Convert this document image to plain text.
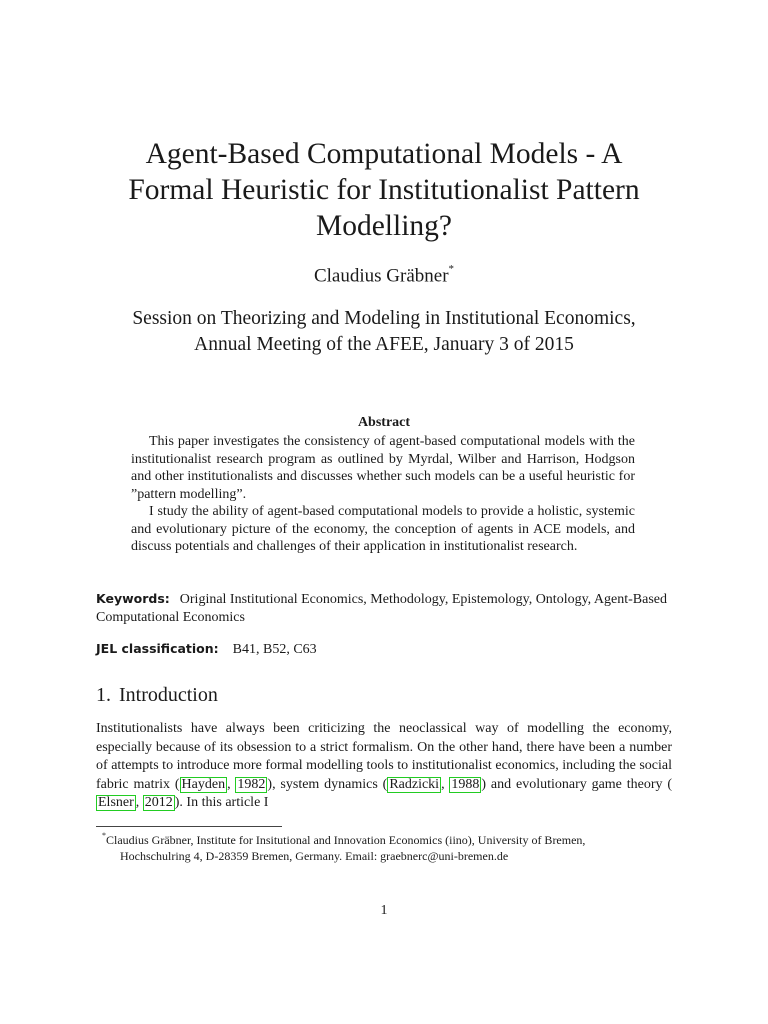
Agent-Based Computational Models - A
Formal Heuristic for Institutionalist Pattern
Modelling?
Claudius Gräbner*
Session on Theorizing and Modeling in Institutional Economics,
Annual Meeting of the AFEE, January 3 of 2015
Abstract

This paper investigates the consistency of agent-based computational models with the institutionalist research program as outlined by Myrdal, Wilber and Harrison, Hodgson and other institutionalists and discusses whether such models can be a useful heuristic for ”pattern modelling”.

I study the ability of agent-based computational models to provide a holistic, systemic and evolutionary picture of the economy, the conception of agents in ACE models, and discuss potentials and challenges of their application in institutionalist research.

Keywords: Original Institutional Economics, Methodology, Epistemology, Ontology, Agent-Based Computational Economics
JEL classification: B41, B52, C63
1. Introduction
Institutionalists have always been criticizing the neoclassical way of modelling the economy, especially because of its obsession to a strict formalism. On the other hand, there have been a number of attempts to introduce more formal modelling tools to institutionalist economics, including the social fabric matrix ( Hayden , 1982 ), system dynamics ( Radzicki , 1988 ) and evolutionary game theory (Elsner , 2012 ). In this article I
*Claudius Gräbner, Institute for Insitutional and Innovation Economics (iino), University of Bremen,
Hochschulring 4, D-28359 Bremen, Germany. Email: graebnerc@uni-bremen.de
1
